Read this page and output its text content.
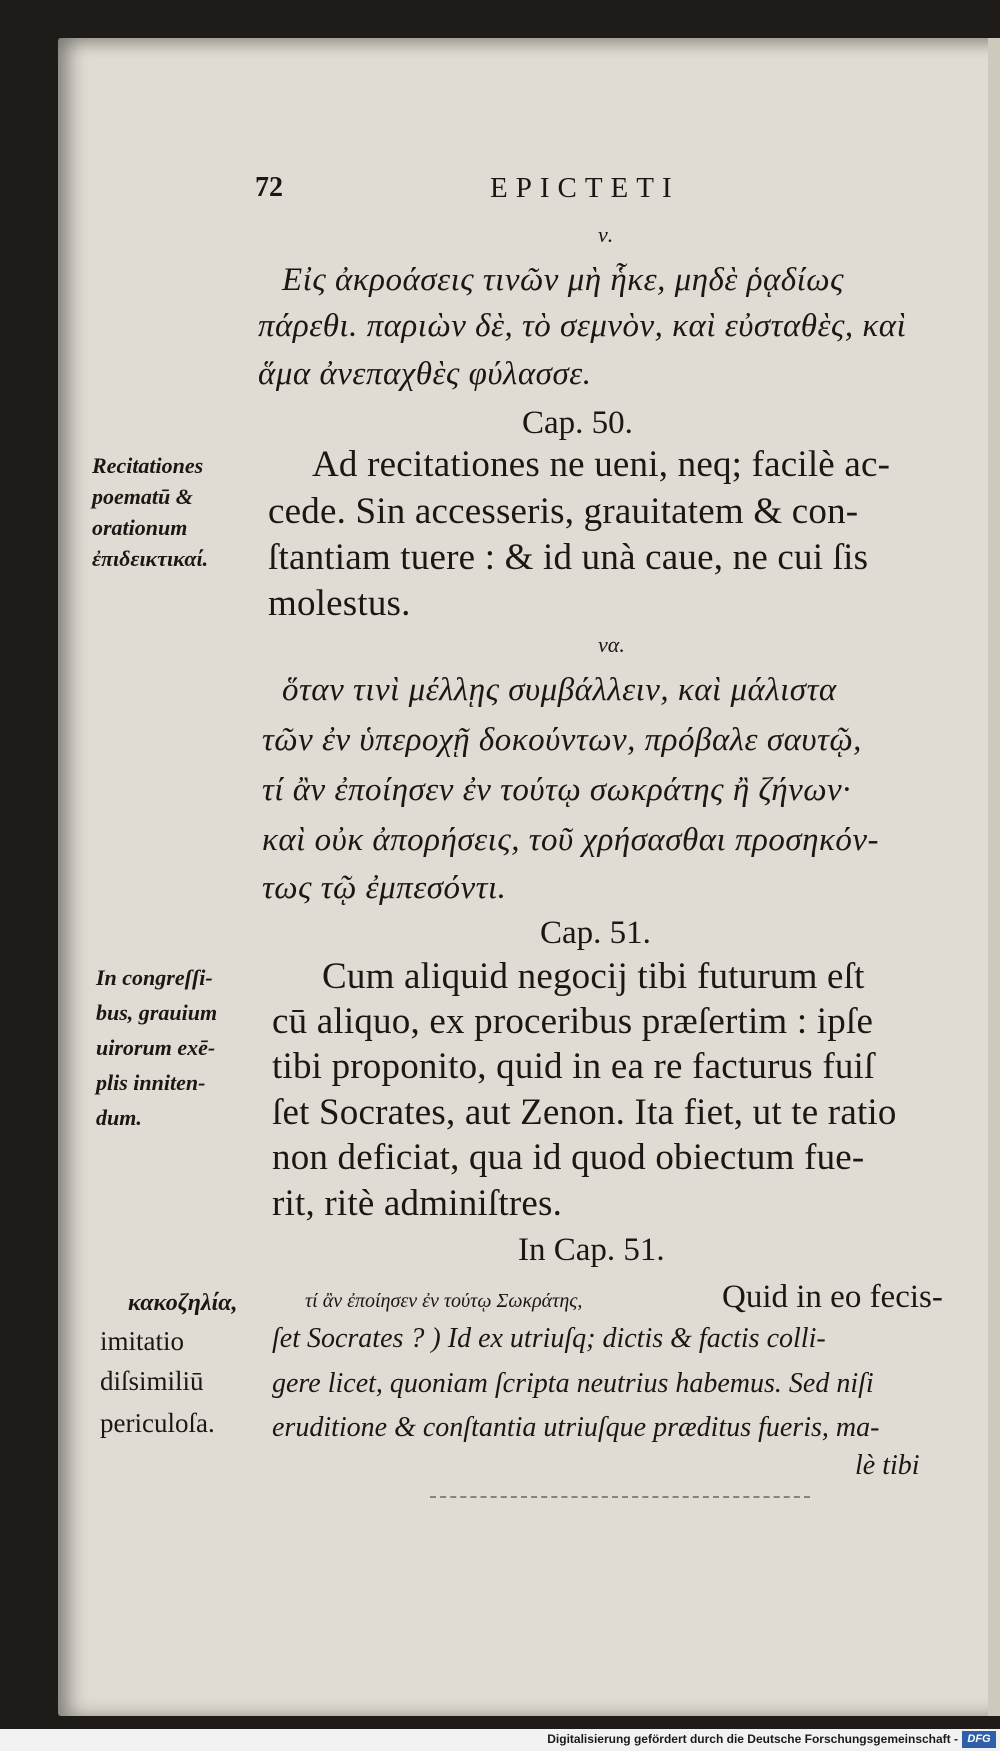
72	EPICTETI
ν.
Εἰς ἀκροάσεις τινῶν μὴ ἧκε, μηδὲ ῥᾳδίως
πάρεθι. παριὼν δὲ, τὸ σεμνὸν, καὶ εὐσταθὲς, καὶ
ἅμα ἀνεπαχθὲς φύλασσε.
Cap. 50.
Recitationes
poematū &
orationum
ἐπιδεικτικαί.
Ad recitationes ne ueni, neq; facilè ac-
cede. Sin accesseris, grauitatem & con-
ſtantiam tuere : & id unà caue, ne cui ſis
molestus.
να.
ὅταν τινὶ μέλλῃς συμβάλλειν, καὶ μάλιστα
τῶν ἐν ὑπεροχῇ δοκούντων, πρόβαλε σαυτῷ,
τί ἂν ἐποίησεν ἐν τούτῳ σωκράτης ἢ ζήνων·
καὶ οὐκ ἀπορήσεις, τοῦ χρήσασθαι προσηκόν-
τως τῷ ἐμπεσόντι.
Cap. 51.
In congreſſi-
bus, grauium
uirorum exē-
plis inniten-
dum.
Cum aliquid negocij tibi futurum eſt
cū aliquo, ex proceribus præſertim : ipſe
tibi proponito, quid in ea re facturus fuiſ
ſet Socrates, aut Zenon. Ita fiet, ut te ratio
non deficiat, qua id quod obiectum fue-
rit, ritè adminiſtres.
In Cap. 51.
κακοζηλία,
imitatio
diſsimiliū
periculoſa.
τί ἂν ἐποίησεν ἐν τούτῳ Σωκράτης,	Quid in eo fecis-
ſet Socrates ? ) Id ex utriuſq; dictis & factis colli-
gere licet, quoniam ſcripta neutrius habemus. Sed niſi
eruditione & conſtantia utriuſque præditus fueris, ma-
lè tibi
Digitalisierung gefördert durch die Deutsche Forschungsgemeinschaft - DFG
